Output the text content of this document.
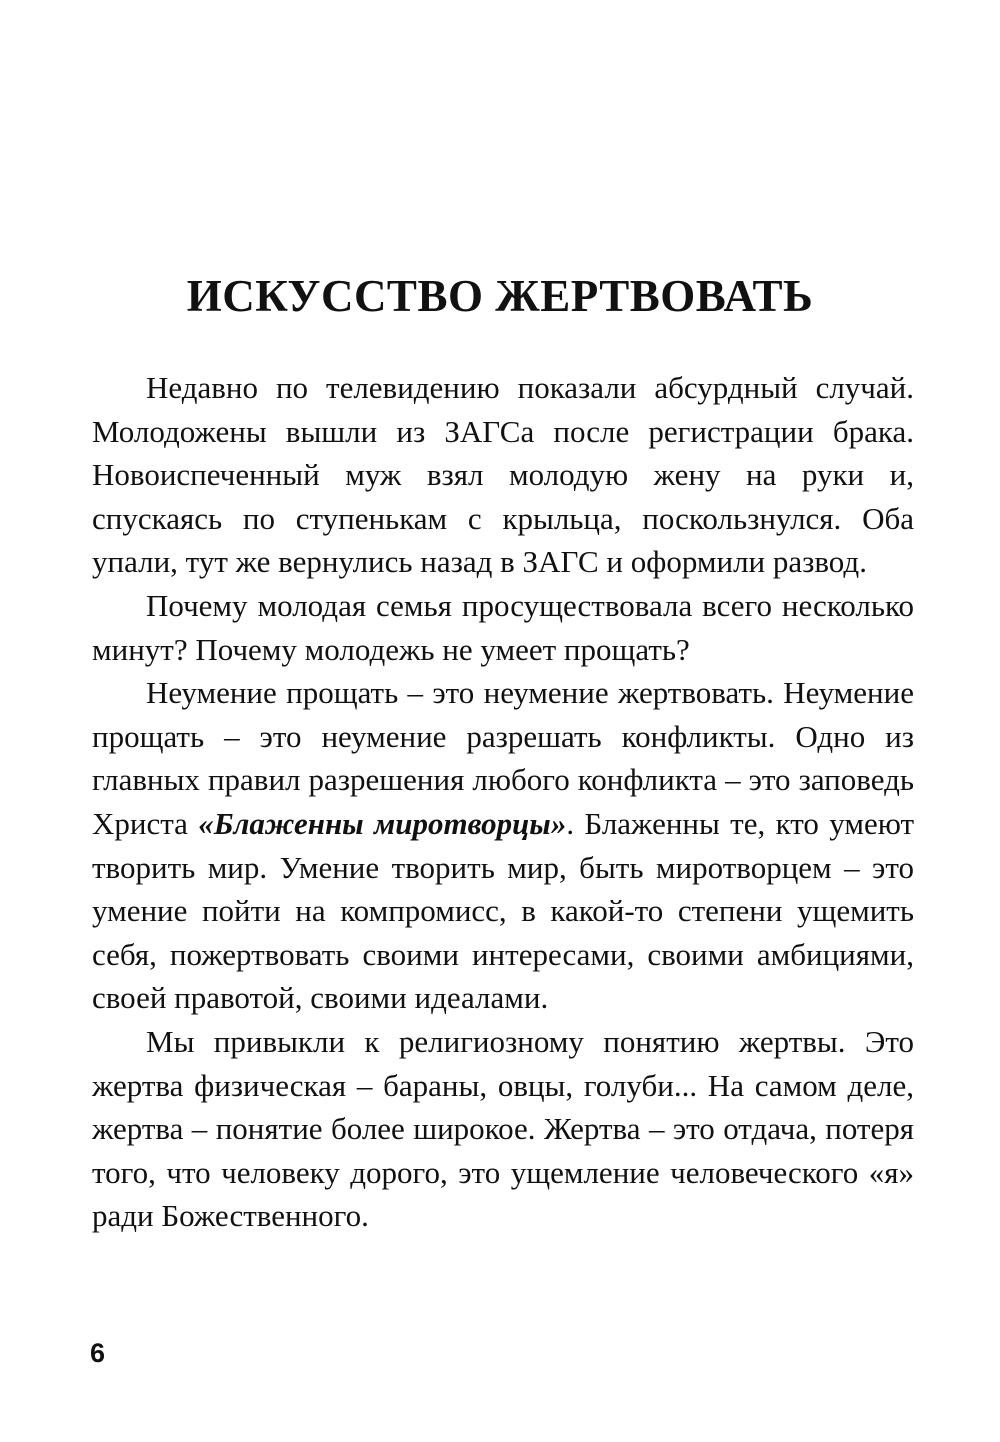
ИСКУССТВО ЖЕРТВОВАТЬ

Недавно по телевидению показали абсурдный случай. Молодожены вышли из ЗАГСа после регистрации брака. Новоиспеченный муж взял молодую жену на руки и, спускаясь по ступенькам с крыльца, поскользнулся. Оба упали, тут же вернулись назад в ЗАГС и оформили развод.

Почему молодая семья просуществовала всего несколько минут? Почему молодежь не умеет прощать?

Неумение прощать – это неумение жертвовать. Неумение прощать – это неумение разрешать конфликты. Одно из главных правил разрешения любого конфликта – это заповедь Христа «Блаженны миротворцы». Блаженны те, кто умеют творить мир. Умение творить мир, быть миротворцем – это умение пойти на компромисс, в какой-то степени ущемить себя, пожертвовать своими интересами, своими амбициями, своей правотой, своими идеалами.

Мы привыкли к религиозному понятию жертвы. Это жертва физическая – бараны, овцы, голуби... На самом деле, жертва – понятие более широкое. Жертва – это отдача, потеря того, что человеку дорого, это ущемление человеческого «я» ради Божественного.

6
